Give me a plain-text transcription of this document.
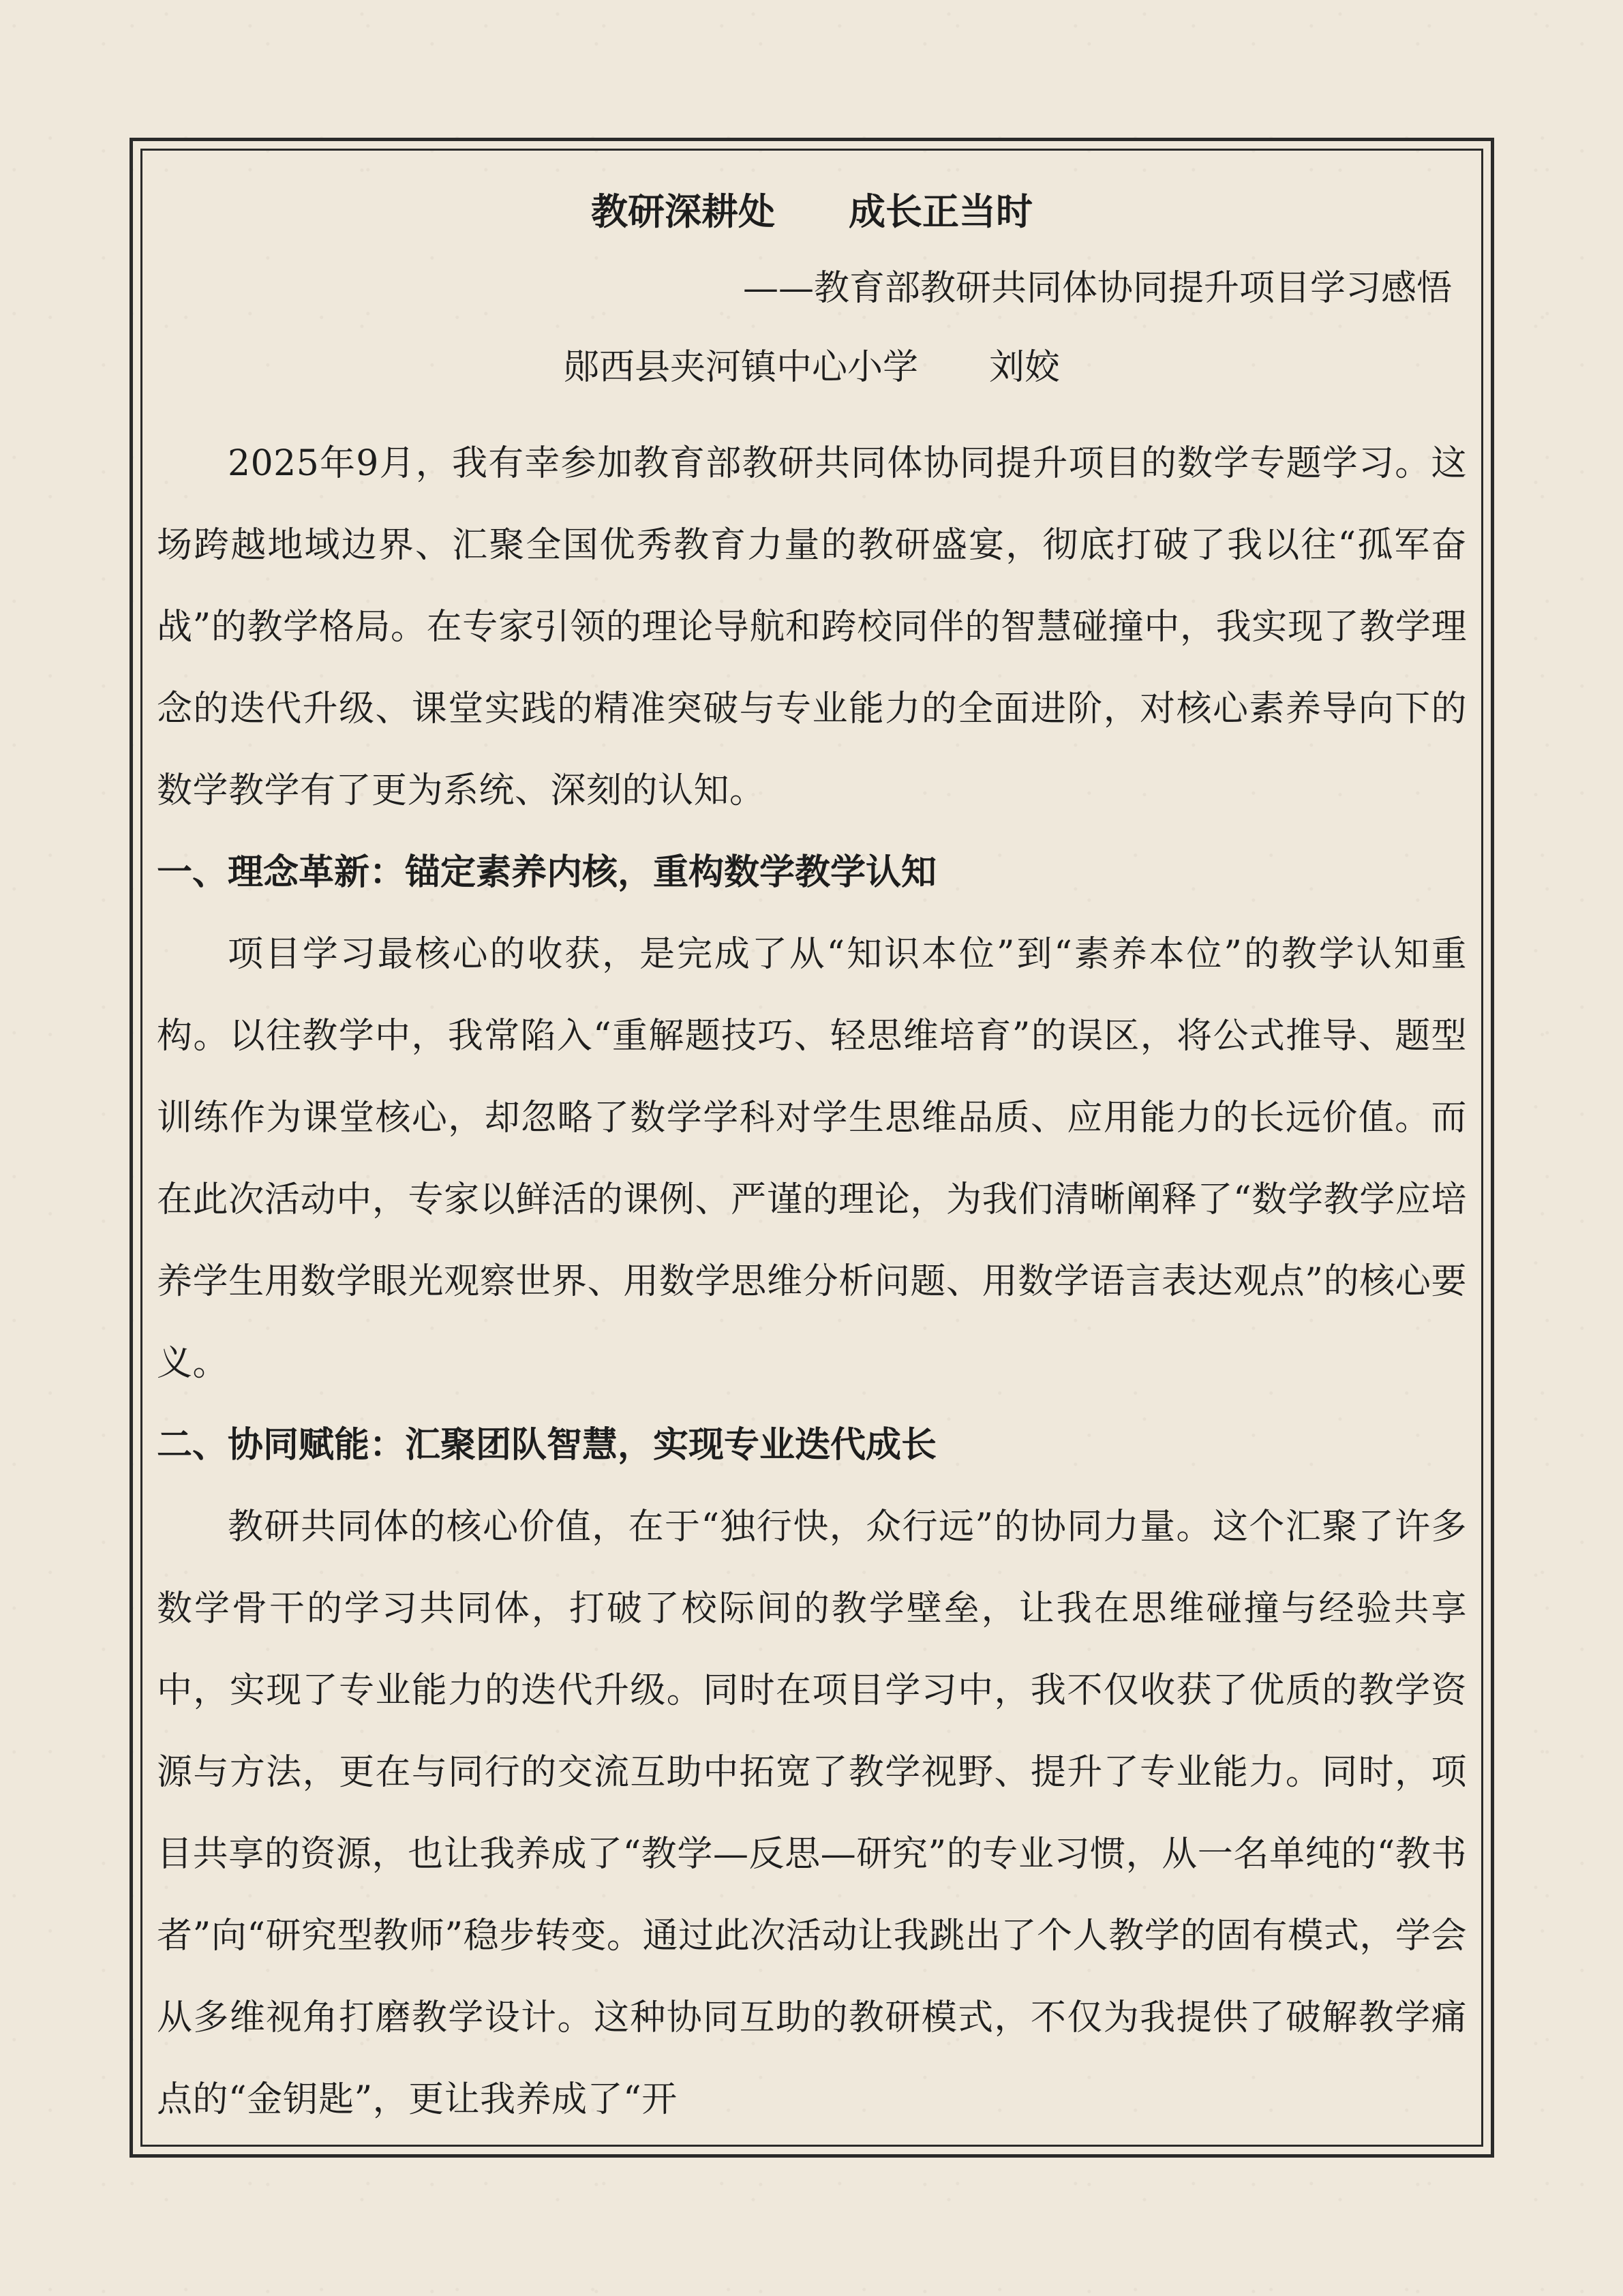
教研深耕处　　成长正当时
——教育部教研共同体协同提升项目学习感悟
郧西县夹河镇中心小学　　刘姣

2025年9月，我有幸参加教育部教研共同体协同提升项目的数学专题学习。这场跨越地域边界、汇聚全国优秀教育力量的教研盛宴，彻底打破了我以往“孤军奋战”的教学格局。在专家引领的理论导航和跨校同伴的智慧碰撞中，我实现了教学理念的迭代升级、课堂实践的精准突破与专业能力的全面进阶，对核心素养导向下的数学教学有了更为系统、深刻的认知。

一、理念革新：锚定素养内核，重构数学教学认知

项目学习最核心的收获，是完成了从“知识本位”到“素养本位”的教学认知重构。以往教学中，我常陷入“重解题技巧、轻思维培育”的误区，将公式推导、题型训练作为课堂核心，却忽略了数学学科对学生思维品质、应用能力的长远价值。而在此次活动中，专家以鲜活的课例、严谨的理论，为我们清晰阐释了“数学教学应培养学生用数学眼光观察世界、用数学思维分析问题、用数学语言表达观点”的核心要义。

二、协同赋能：汇聚团队智慧，实现专业迭代成长

教研共同体的核心价值，在于“独行快，众行远”的协同力量。这个汇聚了许多数学骨干的学习共同体，打破了校际间的教学壁垒，让我在思维碰撞与经验共享中，实现了专业能力的迭代升级。同时在项目学习中，我不仅收获了优质的教学资源与方法，更在与同行的交流互助中拓宽了教学视野、提升了专业能力。同时，项目共享的资源，也让我养成了“教学—反思—研究”的专业习惯，从一名单纯的“教书者”向“研究型教师”稳步转变。通过此次活动让我跳出了个人教学的固有模式，学会从多维视角打磨教学设计。这种协同互助的教研模式，不仅为我提供了破解教学痛点的“金钥匙”，更让我养成了“开
